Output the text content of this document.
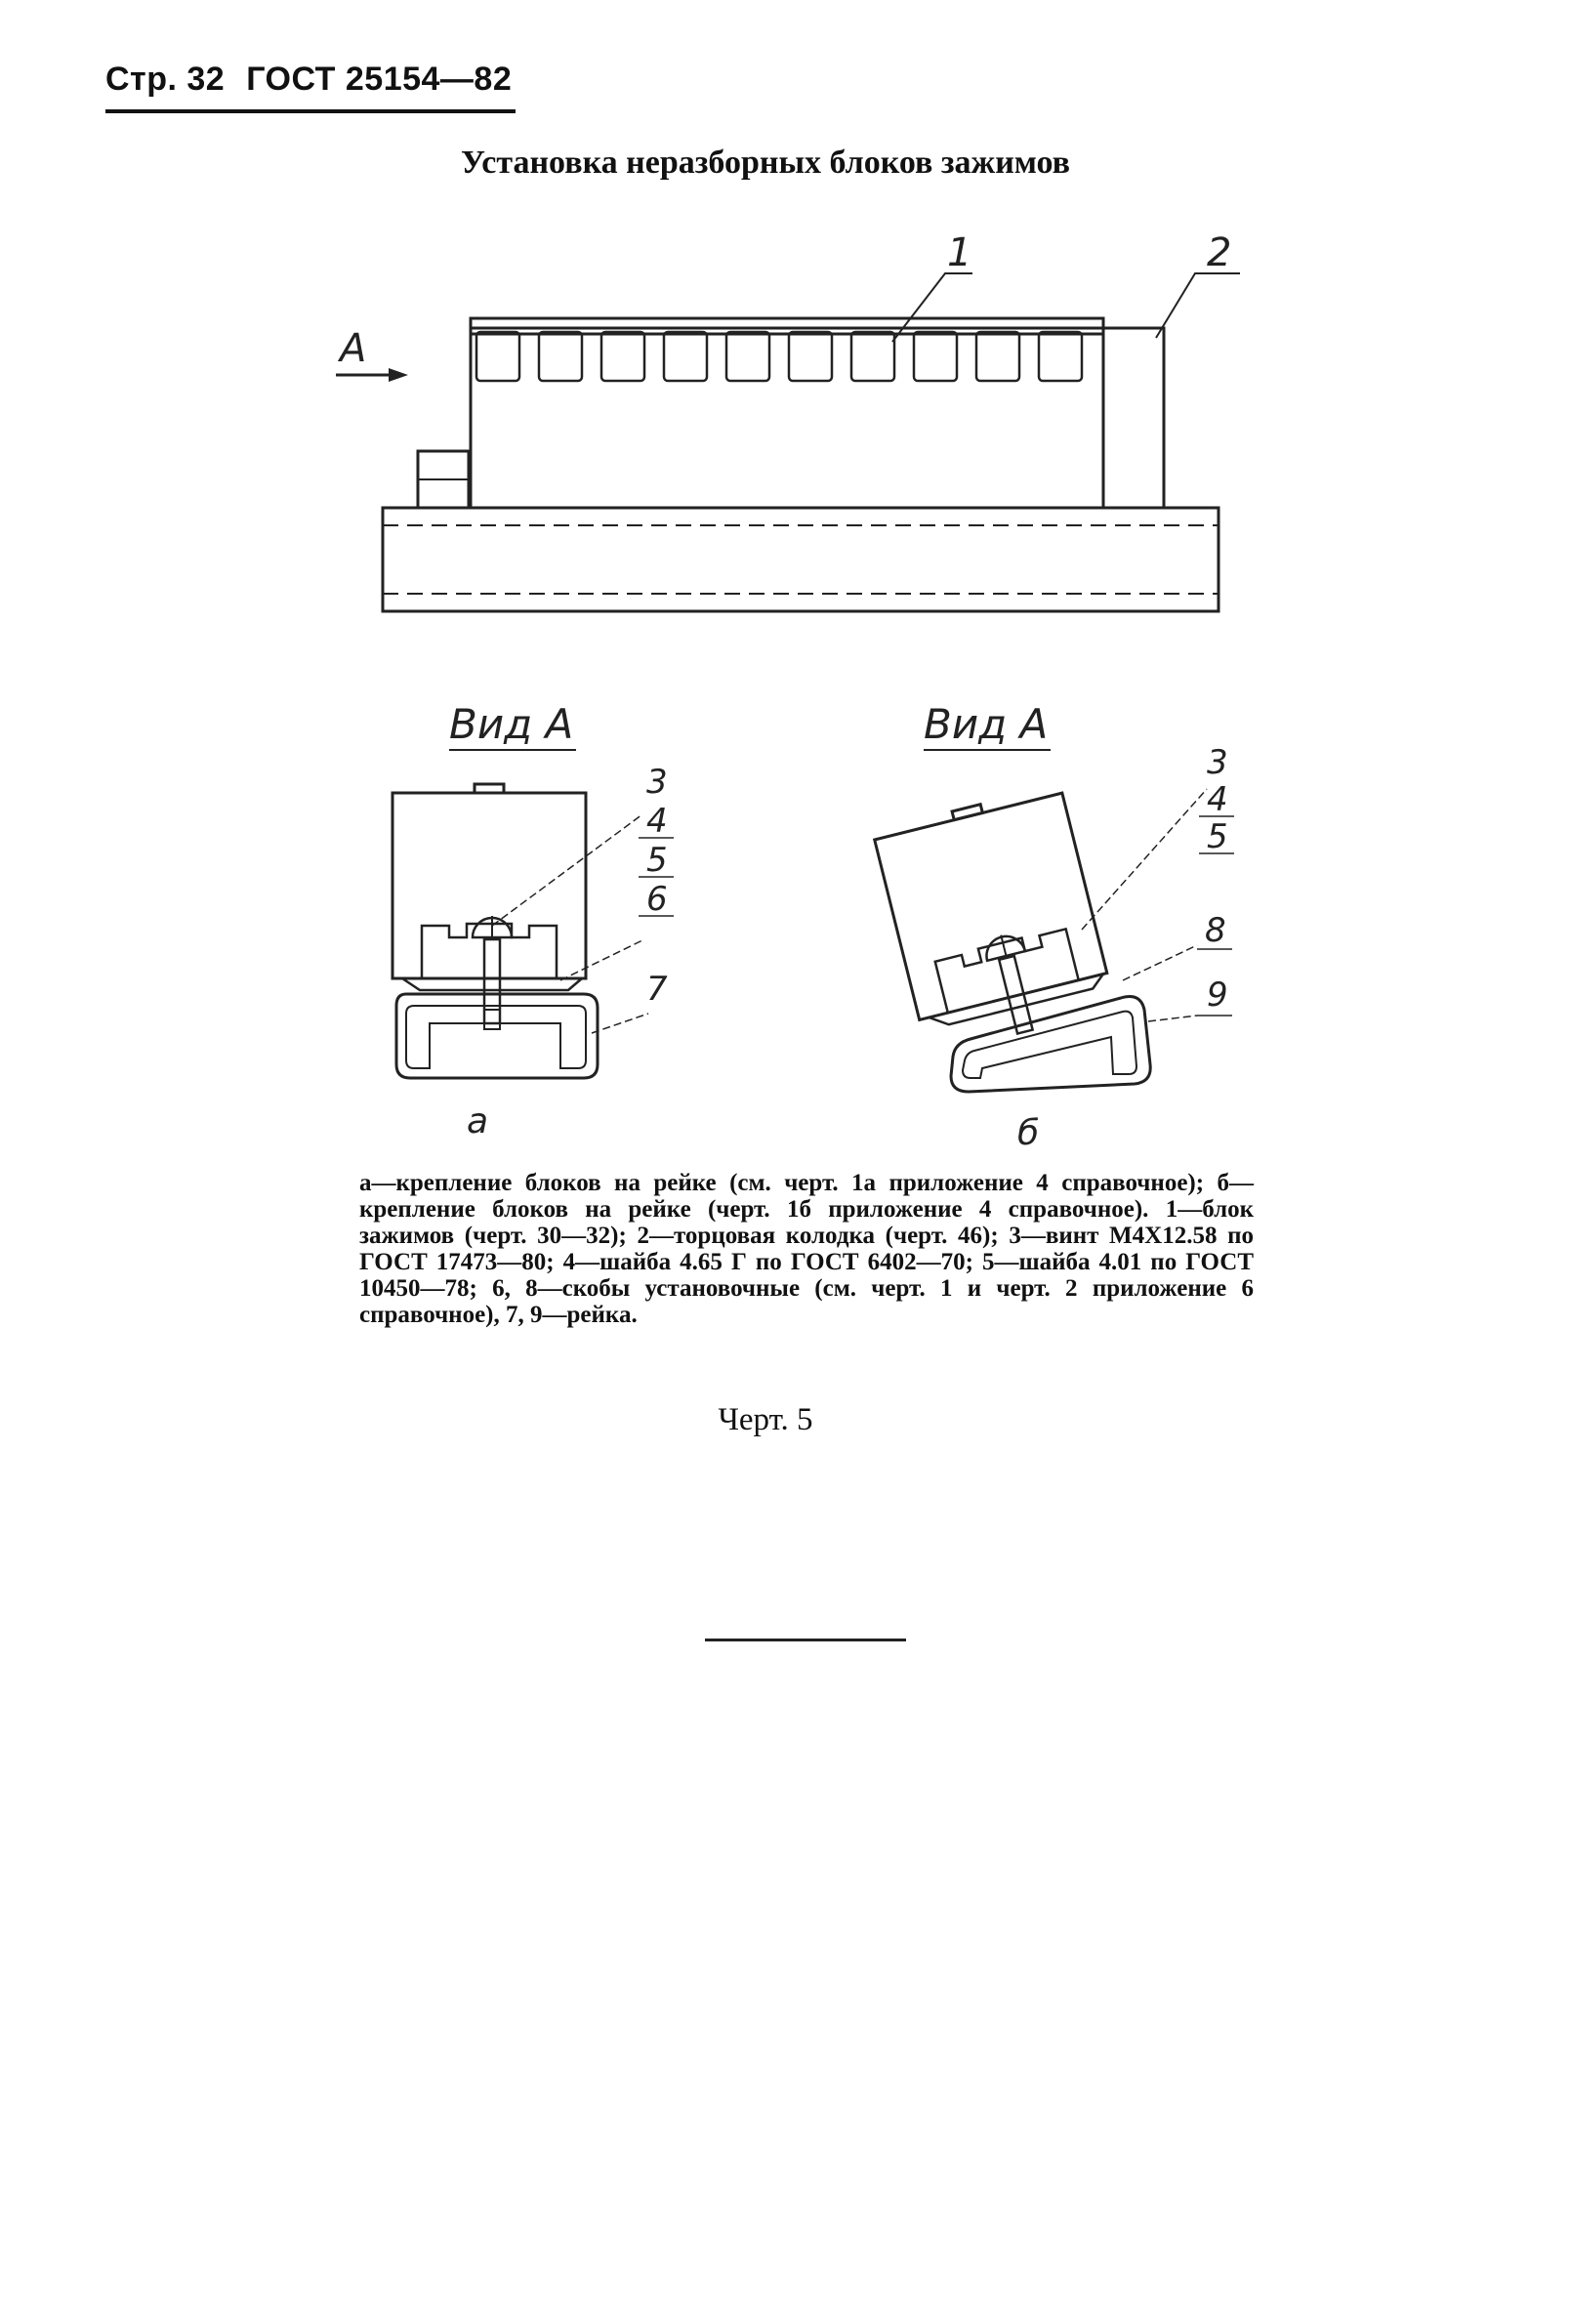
Стр. 32 ГОСТ 25154—82
Установка неразборных блоков зажимов
А
1	2
Вид А
3
4
5
6
7
а
Вид А
3
4
5
8
9
б
а—крепление блоков на рейке (см. черт. 1а приложение 4 справочное); б—крепление блоков на рейке (черт. 1б приложение 4 справочное). 1—блок зажимов (черт. 30—32); 2—торцовая колодка (черт. 46); 3—винт М4Х12.58 по ГОСТ 17473—80; 4—шайба 4.65 Г по ГОСТ 6402—70; 5—шайба 4.01 по ГОСТ 10450—78; 6, 8—скобы установочные (см. черт. 1 и черт. 2 приложение 6 справочное), 7, 9—рейка.
Черт. 5
